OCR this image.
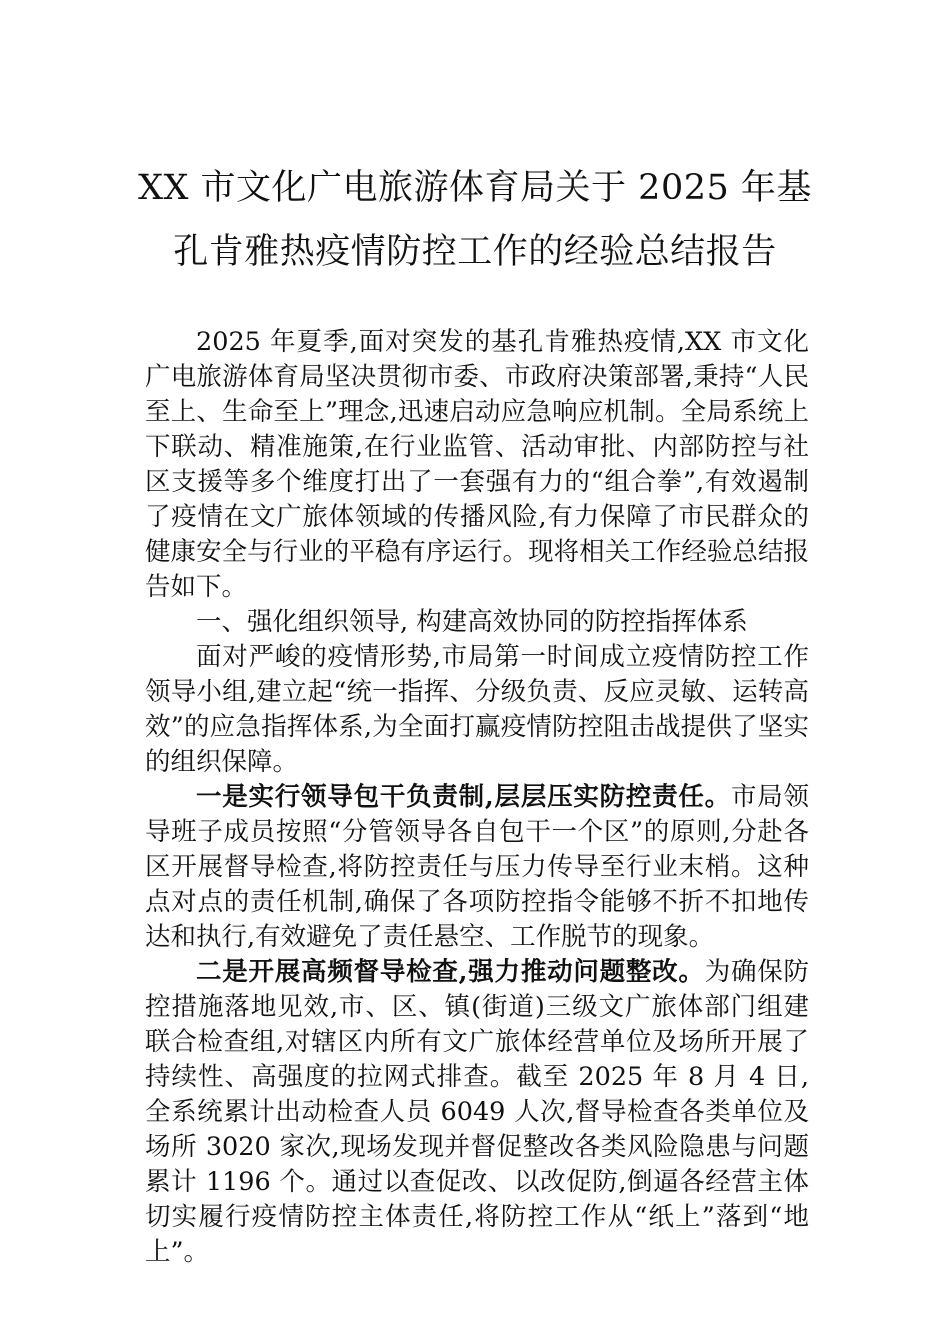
XX 市文化广电旅游体育局关于 2025 年基
孔肯雅热疫情防控工作的经验总结报告

2025 年夏季,面对突发的基孔肯雅热疫情,XX 市文化广电旅游体育局坚决贯彻市委、市政府决策部署,秉持“人民至上、生命至上”理念,迅速启动应急响应机制。全局系统上下联动、精准施策,在行业监管、活动审批、内部防控与社区支援等多个维度打出了一套强有力的“组合拳”,有效遏制了疫情在文广旅体领域的传播风险,有力保障了市民群众的健康安全与行业的平稳有序运行。现将相关工作经验总结报告如下。

一、强化组织领导, 构建高效协同的防控指挥体系

面对严峻的疫情形势,市局第一时间成立疫情防控工作领导小组,建立起“统一指挥、分级负责、反应灵敏、运转高效”的应急指挥体系,为全面打赢疫情防控阻击战提供了坚实的组织保障。

一是实行领导包干负责制,层层压实防控责任。市局领导班子成员按照“分管领导各自包干一个区”的原则,分赴各区开展督导检查,将防控责任与压力传导至行业末梢。这种点对点的责任机制,确保了各项防控指令能够不折不扣地传达和执行,有效避免了责任悬空、工作脱节的现象。

二是开展高频督导检查,强力推动问题整改。为确保防控措施落地见效,市、区、镇(街道)三级文广旅体部门组建联合检查组,对辖区内所有文广旅体经营单位及场所开展了持续性、高强度的拉网式排查。截至 2025 年 8 月 4 日,全系统累计出动检查人员 6049 人次,督导检查各类单位及场所 3020 家次,现场发现并督促整改各类风险隐患与问题累计 1196 个。通过以查促改、以改促防,倒逼各经营主体切实履行疫情防控主体责任,将防控工作从“纸上”落到“地上”。
